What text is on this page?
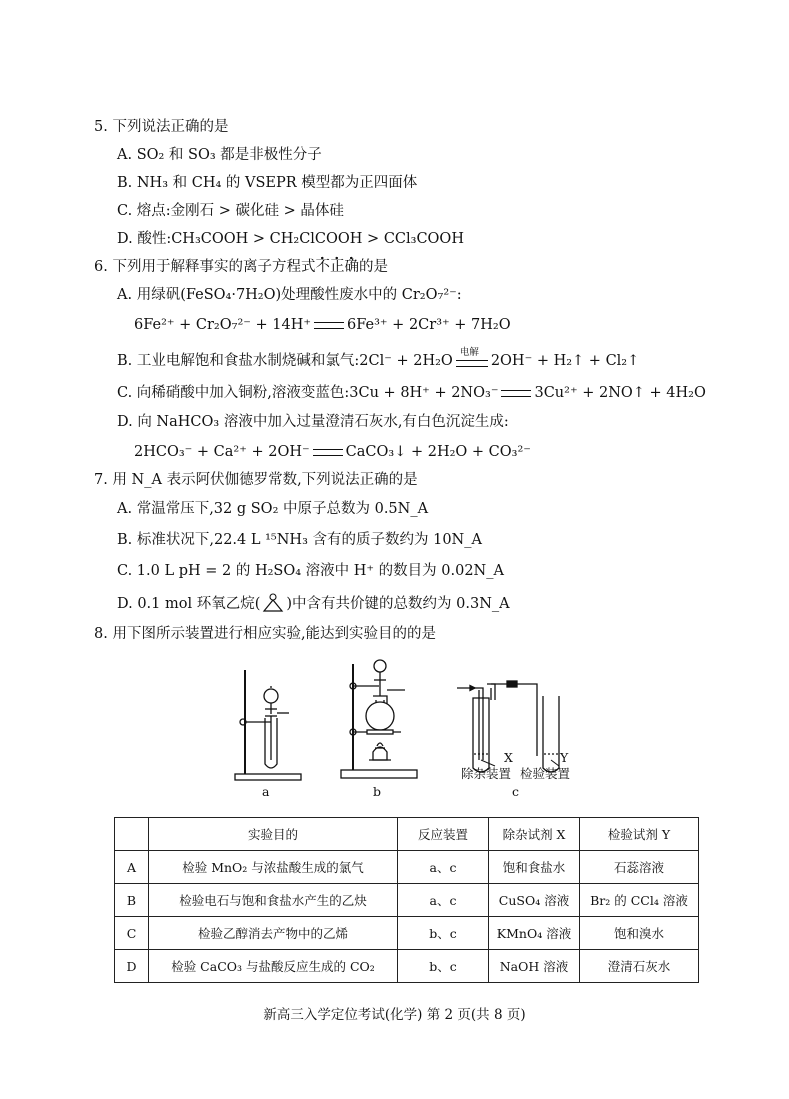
5. 下列说法正确的是
A. SO₂ 和 SO₃ 都是非极性分子
B. NH₃ 和 CH₄ 的 VSEPR 模型都为正四面体
C. 熔点:金刚石 > 碳化硅 > 晶体硅
D. 酸性:CH₃COOH > CH₂ClCOOH > CCl₃COOH
6. 下列用于解释事实的离子方程式不正确的是
A. 用绿矾(FeSO₄·7H₂O)处理酸性废水中的 Cr₂O₇²⁻:
6Fe²⁺ + Cr₂O₇²⁻ + 14H⁺ 6Fe³⁺ + 2Cr³⁺ + 7H₂O
B. 工业电解饱和食盐水制烧碱和氯气:2Cl⁻ + 2H₂O
电解
2OH⁻ + H₂↑ + Cl₂↑
C. 向稀硝酸中加入铜粉,溶液变蓝色:3Cu + 8H⁺ + 2NO₃⁻ 3Cu²⁺ + 2NO↑ + 4H₂O
D. 向 NaHCO₃ 溶液中加入过量澄清石灰水,有白色沉淀生成:
2HCO₃⁻ + Ca²⁺ + 2OH⁻ CaCO₃↓ + 2H₂O + CO₃²⁻
7. 用 N_A 表示阿伏伽德罗常数,下列说法正确的是
A. 常温常压下,32 g SO₂ 中原子总数为 0.5N_A
B. 标准状况下,22.4 L ¹⁵NH₃ 含有的质子数约为 10N_A
C. 1.0 L pH = 2 的 H₂SO₄ 溶液中 H⁺ 的数目为 0.02N_A
D. 0.1 mol 环氧乙烷( )中含有共价键的总数约为 0.3N_A
8. 用下图所示装置进行相应实验,能达到实验目的的是
a	b	c
X	Y
除杂装置 检验装置
	实验目的	反应装置	除杂试剂 X	检验试剂 Y
A	检验 MnO₂ 与浓盐酸生成的氯气	a、c	饱和食盐水	石蕊溶液
B	检验电石与饱和食盐水产生的乙炔	a、c	CuSO₄ 溶液	Br₂ 的 CCl₄ 溶液
C	检验乙醇消去产物中的乙烯	b、c	KMnO₄ 溶液	饱和溴水
D	检验 CaCO₃ 与盐酸反应生成的 CO₂	b、c	NaOH 溶液	澄清石灰水
新高三入学定位考试(化学) 第 2 页(共 8 页)
